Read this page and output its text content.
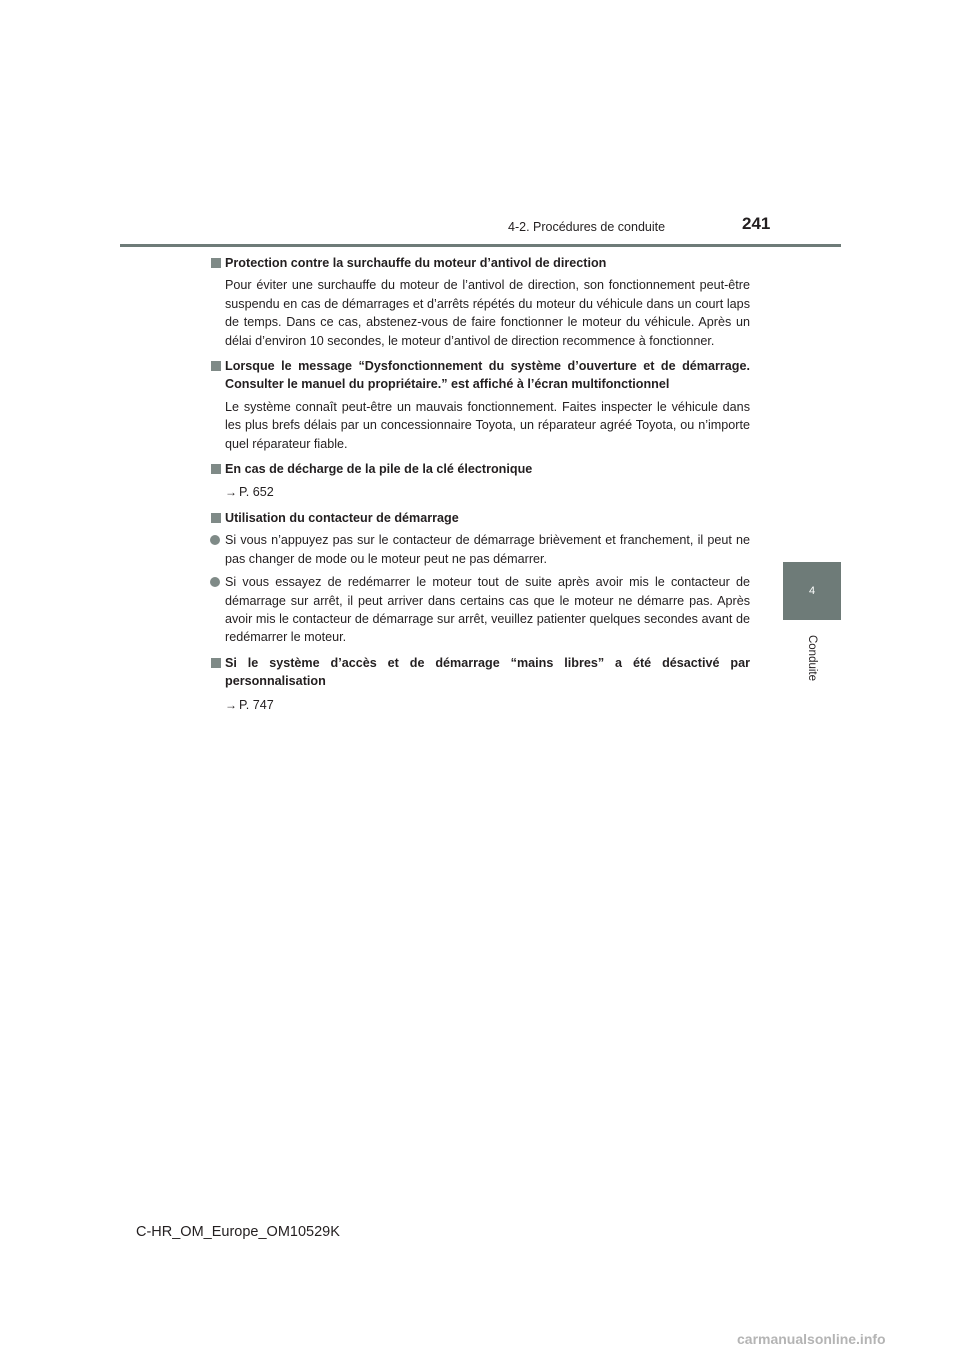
4-2. Procédures de conduite	241
4
Conduite
Protection contre la surchauffe du moteur d’antivol de direction
Pour éviter une surchauffe du moteur de l’antivol de direction, son fonctionnement peut-être suspendu en cas de démarrages et d’arrêts répétés du moteur du véhicule dans un court laps de temps. Dans ce cas, abstenez-vous de faire fonctionner le moteur du véhicule. Après un délai d’environ 10 secondes, le moteur d’antivol de direction recommence à fonctionner.
Lorsque le message “Dysfonctionnement du système d’ouverture et de démarrage. Consulter le manuel du propriétaire.” est affiché à l’écran multifonctionnel
Le système connaît peut-être un mauvais fonctionnement. Faites inspecter le véhicule dans les plus brefs délais par un concessionnaire Toyota, un réparateur agréé Toyota, ou n’importe quel réparateur fiable.
En cas de décharge de la pile de la clé électronique
→ P. 652
Utilisation du contacteur de démarrage
Si vous n’appuyez pas sur le contacteur de démarrage brièvement et franchement, il peut ne pas changer de mode ou le moteur peut ne pas démarrer.
Si vous essayez de redémarrer le moteur tout de suite après avoir mis le contacteur de démarrage sur arrêt, il peut arriver dans certains cas que le moteur ne démarre pas. Après avoir mis le contacteur de démarrage sur arrêt, veuillez patienter quelques secondes avant de redémarrer le moteur.
Si le système d’accès et de démarrage “mains libres” a été désactivé par personnalisation
→ P. 747
C-HR_OM_Europe_OM10529K
carmanualsonline.info
